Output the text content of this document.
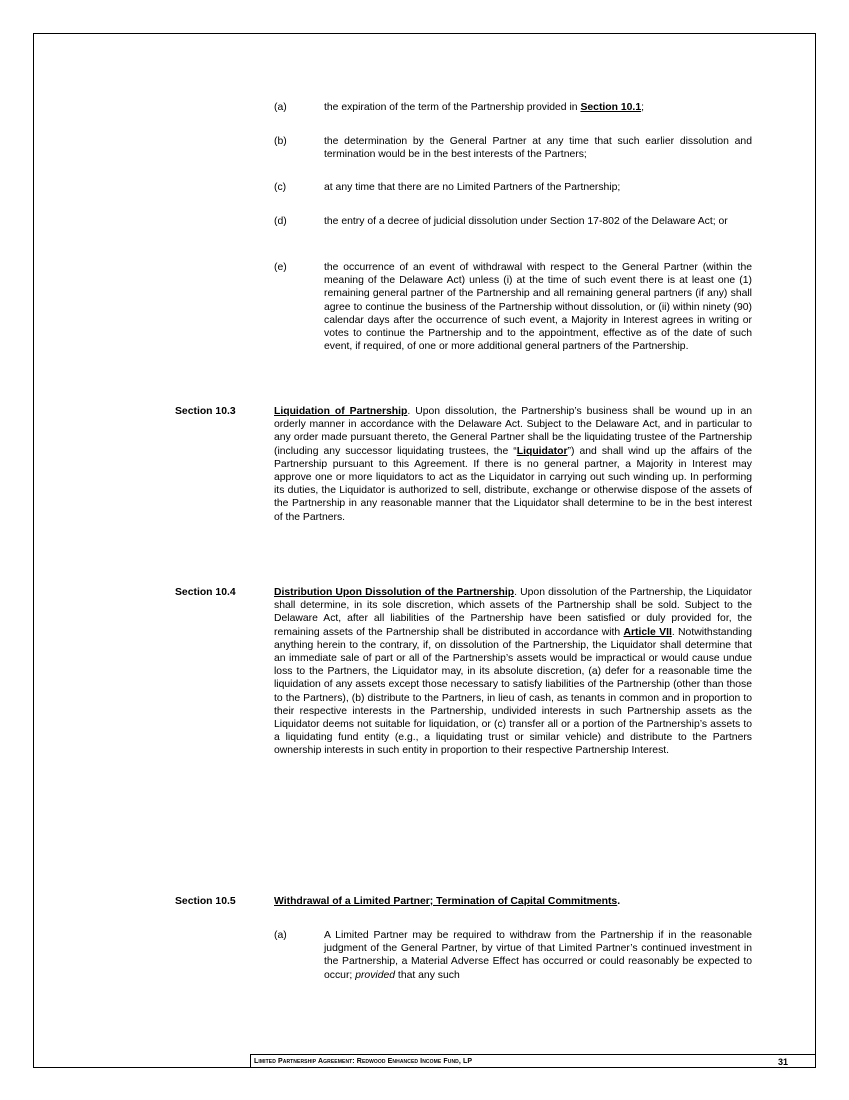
(a)	the expiration of the term of the Partnership provided in Section 10.1;

(b)	the determination by the General Partner at any time that such earlier dissolution and termination would be in the best interests of the Partners;

(c)	at any time that there are no Limited Partners of the Partnership;

(d)	the entry of a decree of judicial dissolution under Section 17-802 of the Delaware Act; or

(e)	the occurrence of an event of withdrawal with respect to the General Partner (within the meaning of the Delaware Act) unless (i) at the time of such event there is at least one (1) remaining general partner of the Partnership and all remaining general partners (if any) shall agree to continue the business of the Partnership without dissolution, or (ii) within ninety (90) calendar days after the occurrence of such event, a Majority in Interest agrees in writing or votes to continue the Partnership and to the appointment, effective as of the date of such event, if required, of one or more additional general partners of the Partnership.

Section 10.3	Liquidation of Partnership. Upon dissolution, the Partnership’s business shall be wound up in an orderly manner in accordance with the Delaware Act. Subject to the Delaware Act, and in particular to any order made pursuant thereto, the General Partner shall be the liquidating trustee of the Partnership (including any successor liquidating trustees, the “Liquidator”) and shall wind up the affairs of the Partnership pursuant to this Agreement. If there is no general partner, a Majority in Interest may approve one or more liquidators to act as the Liquidator in carrying out such winding up. In performing its duties, the Liquidator is authorized to sell, distribute, exchange or otherwise dispose of the assets of the Partnership in any reasonable manner that the Liquidator shall determine to be in the best interest of the Partners.

Section 10.4	Distribution Upon Dissolution of the Partnership. Upon dissolution of the Partnership, the Liquidator shall determine, in its sole discretion, which assets of the Partnership shall be sold. Subject to the Delaware Act, after all liabilities of the Partnership have been satisfied or duly provided for, the remaining assets of the Partnership shall be distributed in accordance with Article VII. Notwithstanding anything herein to the contrary, if, on dissolution of the Partnership, the Liquidator shall determine that an immediate sale of part or all of the Partnership’s assets would be impractical or would cause undue loss to the Partners, the Liquidator may, in its absolute discretion, (a) defer for a reasonable time the liquidation of any assets except those necessary to satisfy liabilities of the Partnership (other than those to the Partners), (b) distribute to the Partners, in lieu of cash, as tenants in common and in proportion to their respective interests in the Partnership, undivided interests in such Partnership assets as the Liquidator deems not suitable for liquidation, or (c) transfer all or a portion of the Partnership’s assets to a liquidating fund entity (e.g., a liquidating trust or similar vehicle) and distribute to the Partners ownership interests in such entity in proportion to their respective Partnership Interest.

Section 10.5	Withdrawal of a Limited Partner; Termination of Capital Commitments.

(a)	A Limited Partner may be required to withdraw from the Partnership if in the reasonable judgment of the General Partner, by virtue of that Limited Partner’s continued investment in the Partnership, a Material Adverse Effect has occurred or could reasonably be expected to occur; provided that any such

Limited Partnership Agreement: Redwood Enhanced Income Fund, LP	31
